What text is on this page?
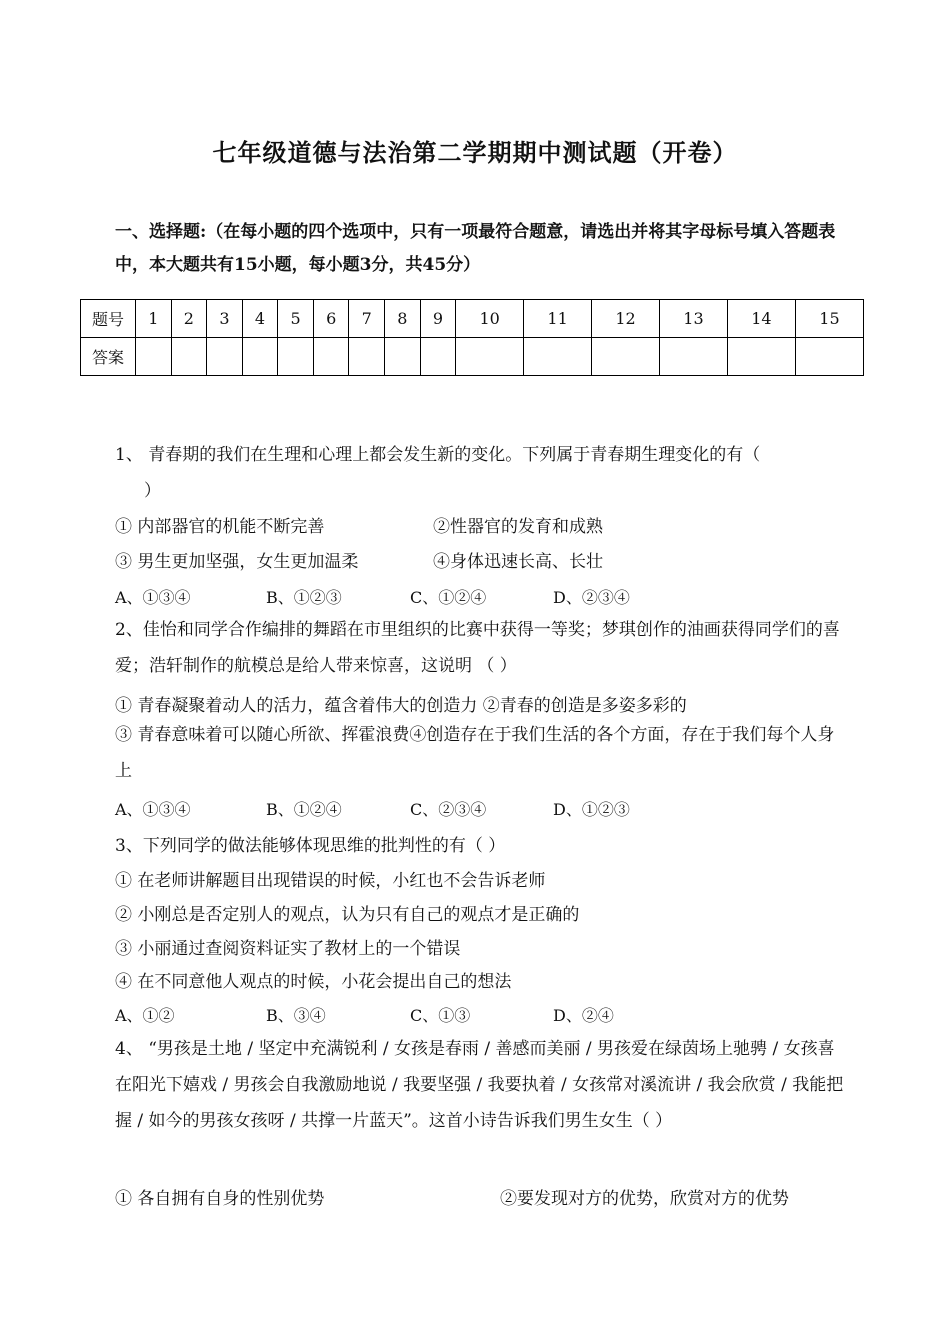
七年级道德与法治第二学期期中测试题（开卷）
一、选择题:（在每小题的四个选项中，只有一项最符合题意，请选出并将其字母标号填入答题表中，本大题共有15小题，每小题3分，共45分）
题号	1	2	3	4	5	6	7	8	9	10	11	12	13	14	15
答案															
1、 青春期的我们在生理和心理上都会发生新的变化。下列属于青春期生理变化的有（
）
① 内部器官的机能不断完善	②性器官的发育和成熟
③ 男生更加坚强，女生更加温柔	④身体迅速长高、长壮
A、①③④	B、①②③	C、①②④	D、②③④
2、佳怡和同学合作编排的舞蹈在市里组织的比赛中获得一等奖；梦琪创作的油画获得同学们的喜爱；浩轩制作的航模总是给人带来惊喜，这说明 （ ）
① 青春凝聚着动人的活力，蕴含着伟大的创造力 ②青春的创造是多姿多彩的
③ 青春意味着可以随心所欲、挥霍浪费④创造存在于我们生活的各个方面，存在于我们每个人身上
A、①③④	B、①②④	C、②③④	D、①②③
3、下列同学的做法能够体现思维的批判性的有（ ）
① 在老师讲解题目出现错误的时候，小红也不会告诉老师
② 小刚总是否定别人的观点，认为只有自己的观点才是正确的
③ 小丽通过查阅资料证实了教材上的一个错误
④ 在不同意他人观点的时候，小花会提出自己的想法
A、①②	B、③④	C、①③	D、②④
4、 “男孩是土地 / 坚定中充满锐利 / 女孩是春雨 / 善感而美丽 / 男孩爱在绿茵场上驰骋 / 女孩喜在阳光下嬉戏 / 男孩会自我激励地说 / 我要坚强 / 我要执着 / 女孩常对溪流讲 / 我会欣赏 / 我能把握 / 如今的男孩女孩呀 / 共撑一片蓝天”。这首小诗告诉我们男生女生（ ）
① 各自拥有自身的性别优势	②要发现对方的优势，欣赏对方的优势
